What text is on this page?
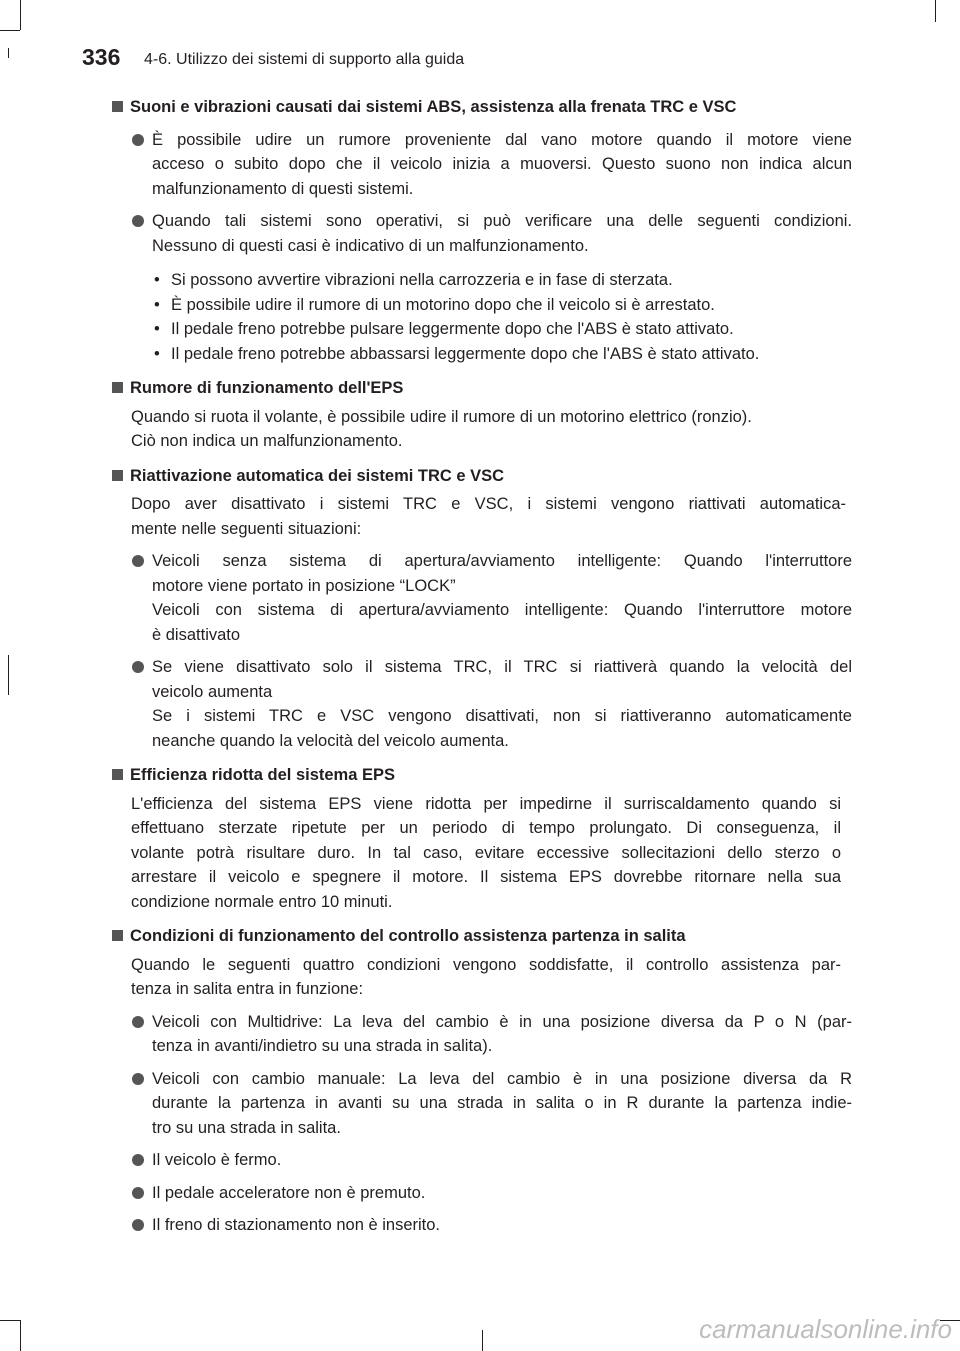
336 4-6. Utilizzo dei sistemi di supporto alla guida
Suoni e vibrazioni causati dai sistemi ABS, assistenza alla frenata TRC e VSC
È possibile udire un rumore proveniente dal vano motore quando il motore viene
acceso o subito dopo che il veicolo inizia a muoversi. Questo suono non indica alcun
malfunzionamento di questi sistemi.
Quando tali sistemi sono operativi, si può verificare una delle seguenti condizioni.
Nessuno di questi casi è indicativo di un malfunzionamento.
• Si possono avvertire vibrazioni nella carrozzeria e in fase di sterzata.
• È possibile udire il rumore di un motorino dopo che il veicolo si è arrestato.
• Il pedale freno potrebbe pulsare leggermente dopo che l'ABS è stato attivato.
• Il pedale freno potrebbe abbassarsi leggermente dopo che l'ABS è stato attivato.
Rumore di funzionamento dell'EPS
Quando si ruota il volante, è possibile udire il rumore di un motorino elettrico (ronzio).
Ciò non indica un malfunzionamento.
Riattivazione automatica dei sistemi TRC e VSC
Dopo aver disattivato i sistemi TRC e VSC, i sistemi vengono riattivati automatica-
mente nelle seguenti situazioni:
Veicoli senza sistema di apertura/avviamento intelligente: Quando l'interruttore
motore viene portato in posizione “LOCK”
Veicoli con sistema di apertura/avviamento intelligente: Quando l'interruttore motore
è disattivato
Se viene disattivato solo il sistema TRC, il TRC si riattiverà quando la velocità del
veicolo aumenta
Se i sistemi TRC e VSC vengono disattivati, non si riattiveranno automaticamente
neanche quando la velocità del veicolo aumenta.
Efficienza ridotta del sistema EPS
L'efficienza del sistema EPS viene ridotta per impedirne il surriscaldamento quando si
effettuano sterzate ripetute per un periodo di tempo prolungato. Di conseguenza, il
volante potrà risultare duro. In tal caso, evitare eccessive sollecitazioni dello sterzo o
arrestare il veicolo e spegnere il motore. Il sistema EPS dovrebbe ritornare nella sua
condizione normale entro 10 minuti.
Condizioni di funzionamento del controllo assistenza partenza in salita
Quando le seguenti quattro condizioni vengono soddisfatte, il controllo assistenza par-
tenza in salita entra in funzione:
Veicoli con Multidrive: La leva del cambio è in una posizione diversa da P o N (par-
tenza in avanti/indietro su una strada in salita).
Veicoli con cambio manuale: La leva del cambio è in una posizione diversa da R
durante la partenza in avanti su una strada in salita o in R durante la partenza indie-
tro su una strada in salita.
Il veicolo è fermo.
Il pedale acceleratore non è premuto.
Il freno di stazionamento non è inserito.
carmanualsonline.info
